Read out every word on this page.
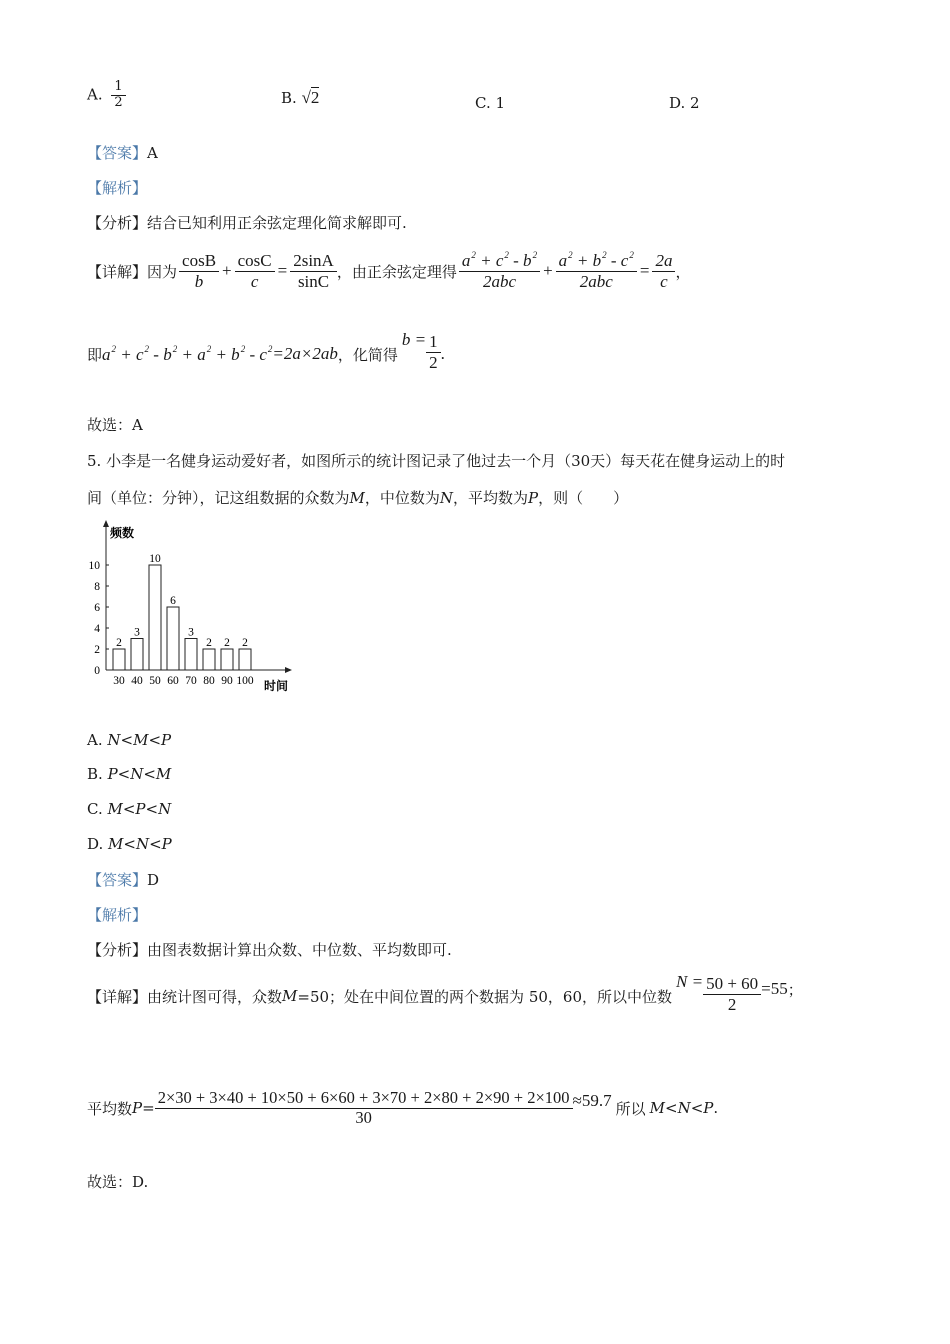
A. $\frac{1}{2}$	B. √2	C. 1	D. 2
【答案】A
【解析】
【分析】结合已知利用正余弦定理化简求解即可.
【详解】 因为 $\frac{\cos B}{b} + \frac{\cos C}{c} = \frac{2\sin A}{\sin C}$ ，由正余弦定理得 $\frac{a^2 + c^2 - b^2}{\text{2abc}} + \frac{a^2 + b^2 - c^2}{\text{2abc}} = \frac{2a}{c}$ ，
即 $a^2 + c^2 - b^2 + a^2 + b^2 - c^2 =2a\times 2ab$ ，化简得
$b = \frac{1}{2}$ .
故选：A
5. 小李是一名健身运动爱好者，如图所示的统计图记录了他过去一个月（30天）每天花在健身运动上的时
间（单位：分钟），记这组数据的众数为M，中位数为N，平均数为P，则（　　）
频数
时间
0
2
4
6
8
10
2
30
3
40
10
50
6
60
3
70
2
80
2
90
2
100
A. N<M<P
B. P<N<M
C. M<P<N
D. M<N<P
【答案】D
【解析】
【分析】由图表数据计算出众数、中位数、平均数即可.
【详解】 由统计图可得，众数 M =50；处在中间位置的两个数据为 50，60，所以中位数
$N = \frac{50 + 60}{2} =55$ ；
平均数 $P = \frac{2\times 30 + 3\times 40 + 10\times 50 + 6\times 60 + 3\times 70 + 2\times 80 + 2\times 90 + 2\times 100}{30} \approx 59.7$ 所以 M<N<P .
故选：D.
